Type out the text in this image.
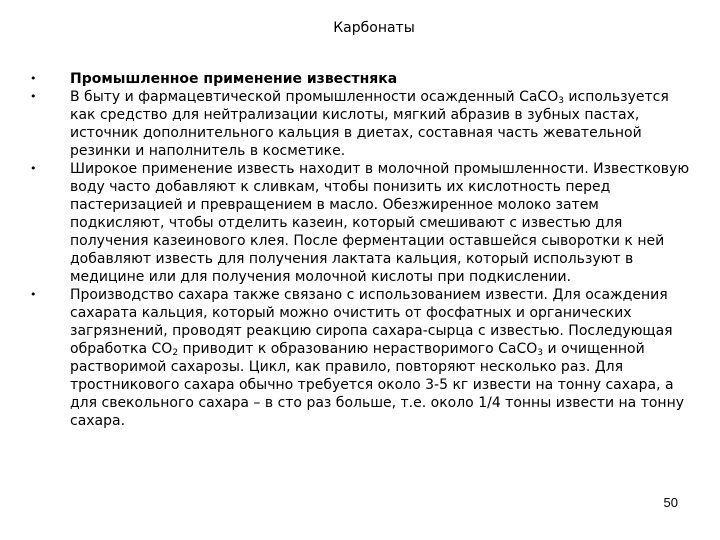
Карбонаты
•	Промышленное применение известняка
•	В быту и фармацевтической промышленности осажденный CaCO$_3$ используется как средство для нейтрализации кислоты, мягкий абразив в зубных пастах, источник дополнительного кальция в диетах, составная часть жевательной резинки и наполнитель в косметике.
•	Широкое применение известь находит в молочной промышленности. Известковую воду часто добавляют к сливкам, чтобы понизить их кислотность перед пастеризацией и превращением в масло. Обезжиренное молоко затем подкисляют, чтобы отделить казеин, который смешивают с известью для получения казеинового клея. После ферментации оставшейся сыворотки к ней добавляют известь для получения лактата кальция, который используют в медицине или для получения молочной кислоты при подкислении.
•	Производство сахара также связано с использованием извести. Для осаждения сахарата кальция, который можно очистить от фосфатных и органических загрязнений, проводят реакцию сиропа сахара-сырца с известью. Последующая обработка $CO_2$ приводит к образованию нерастворимого CaCO$_3$ и очищенной растворимой сахарозы. Цикл, как правило, повторяют несколько раз. Для тростникового сахара обычно требуется около 3-5 кг извести на тонну сахара, а для свекольного сахара – в сто раз больше, т.е. около 1/4 тонны извести на тонну сахара.
50
